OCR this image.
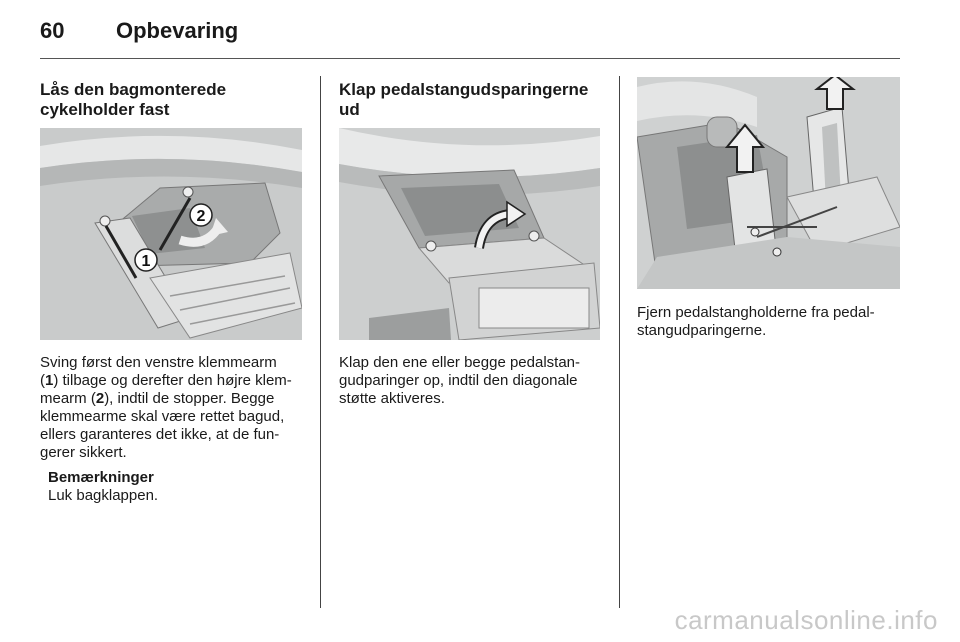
60 Opbevaring
Lås den bagmonterede
cykelholder fast
1
2
Sving først den venstre klemmearm
(1) tilbage og derefter den højre klem-
mearm (2), indtil de stopper. Begge
klemmearme skal være rettet bagud,
ellers garanteres det ikke, at de fun-
gerer sikkert.
Bemærkninger
Luk bagklappen.
Klap pedalstangudsparingerne
ud
Klap den ene eller begge pedalstan-
gudparinger op, indtil den diagonale
støtte aktiveres.
Fjern pedalstangholderne fra pedal-
stangudparingerne.
carmanualsonline.info
